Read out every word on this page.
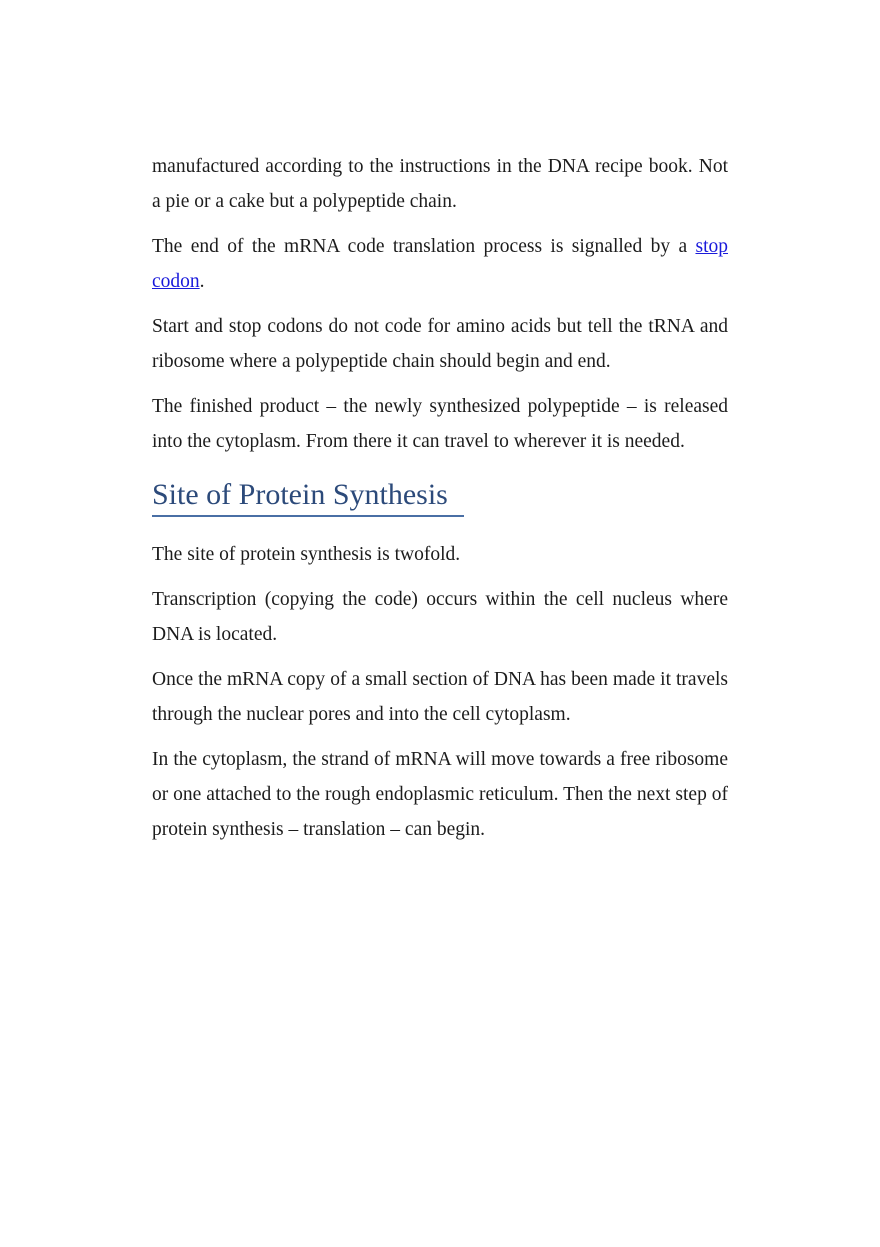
manufactured according to the instructions in the DNA recipe book. Not a pie or a cake but a polypeptide chain.

The end of the mRNA code translation process is signalled by a stop codon.

Start and stop codons do not code for amino acids but tell the tRNA and ribosome where a polypeptide chain should begin and end.

The finished product – the newly synthesized polypeptide – is released into the cytoplasm. From there it can travel to wherever it is needed.

Site of Protein Synthesis

The site of protein synthesis is twofold.

Transcription (copying the code) occurs within the cell nucleus where DNA is located.

Once the mRNA copy of a small section of DNA has been made it travels through the nuclear pores and into the cell cytoplasm.

In the cytoplasm, the strand of mRNA will move towards a free ribosome or one attached to the rough endoplasmic reticulum. Then the next step of protein synthesis – translation – can begin.
